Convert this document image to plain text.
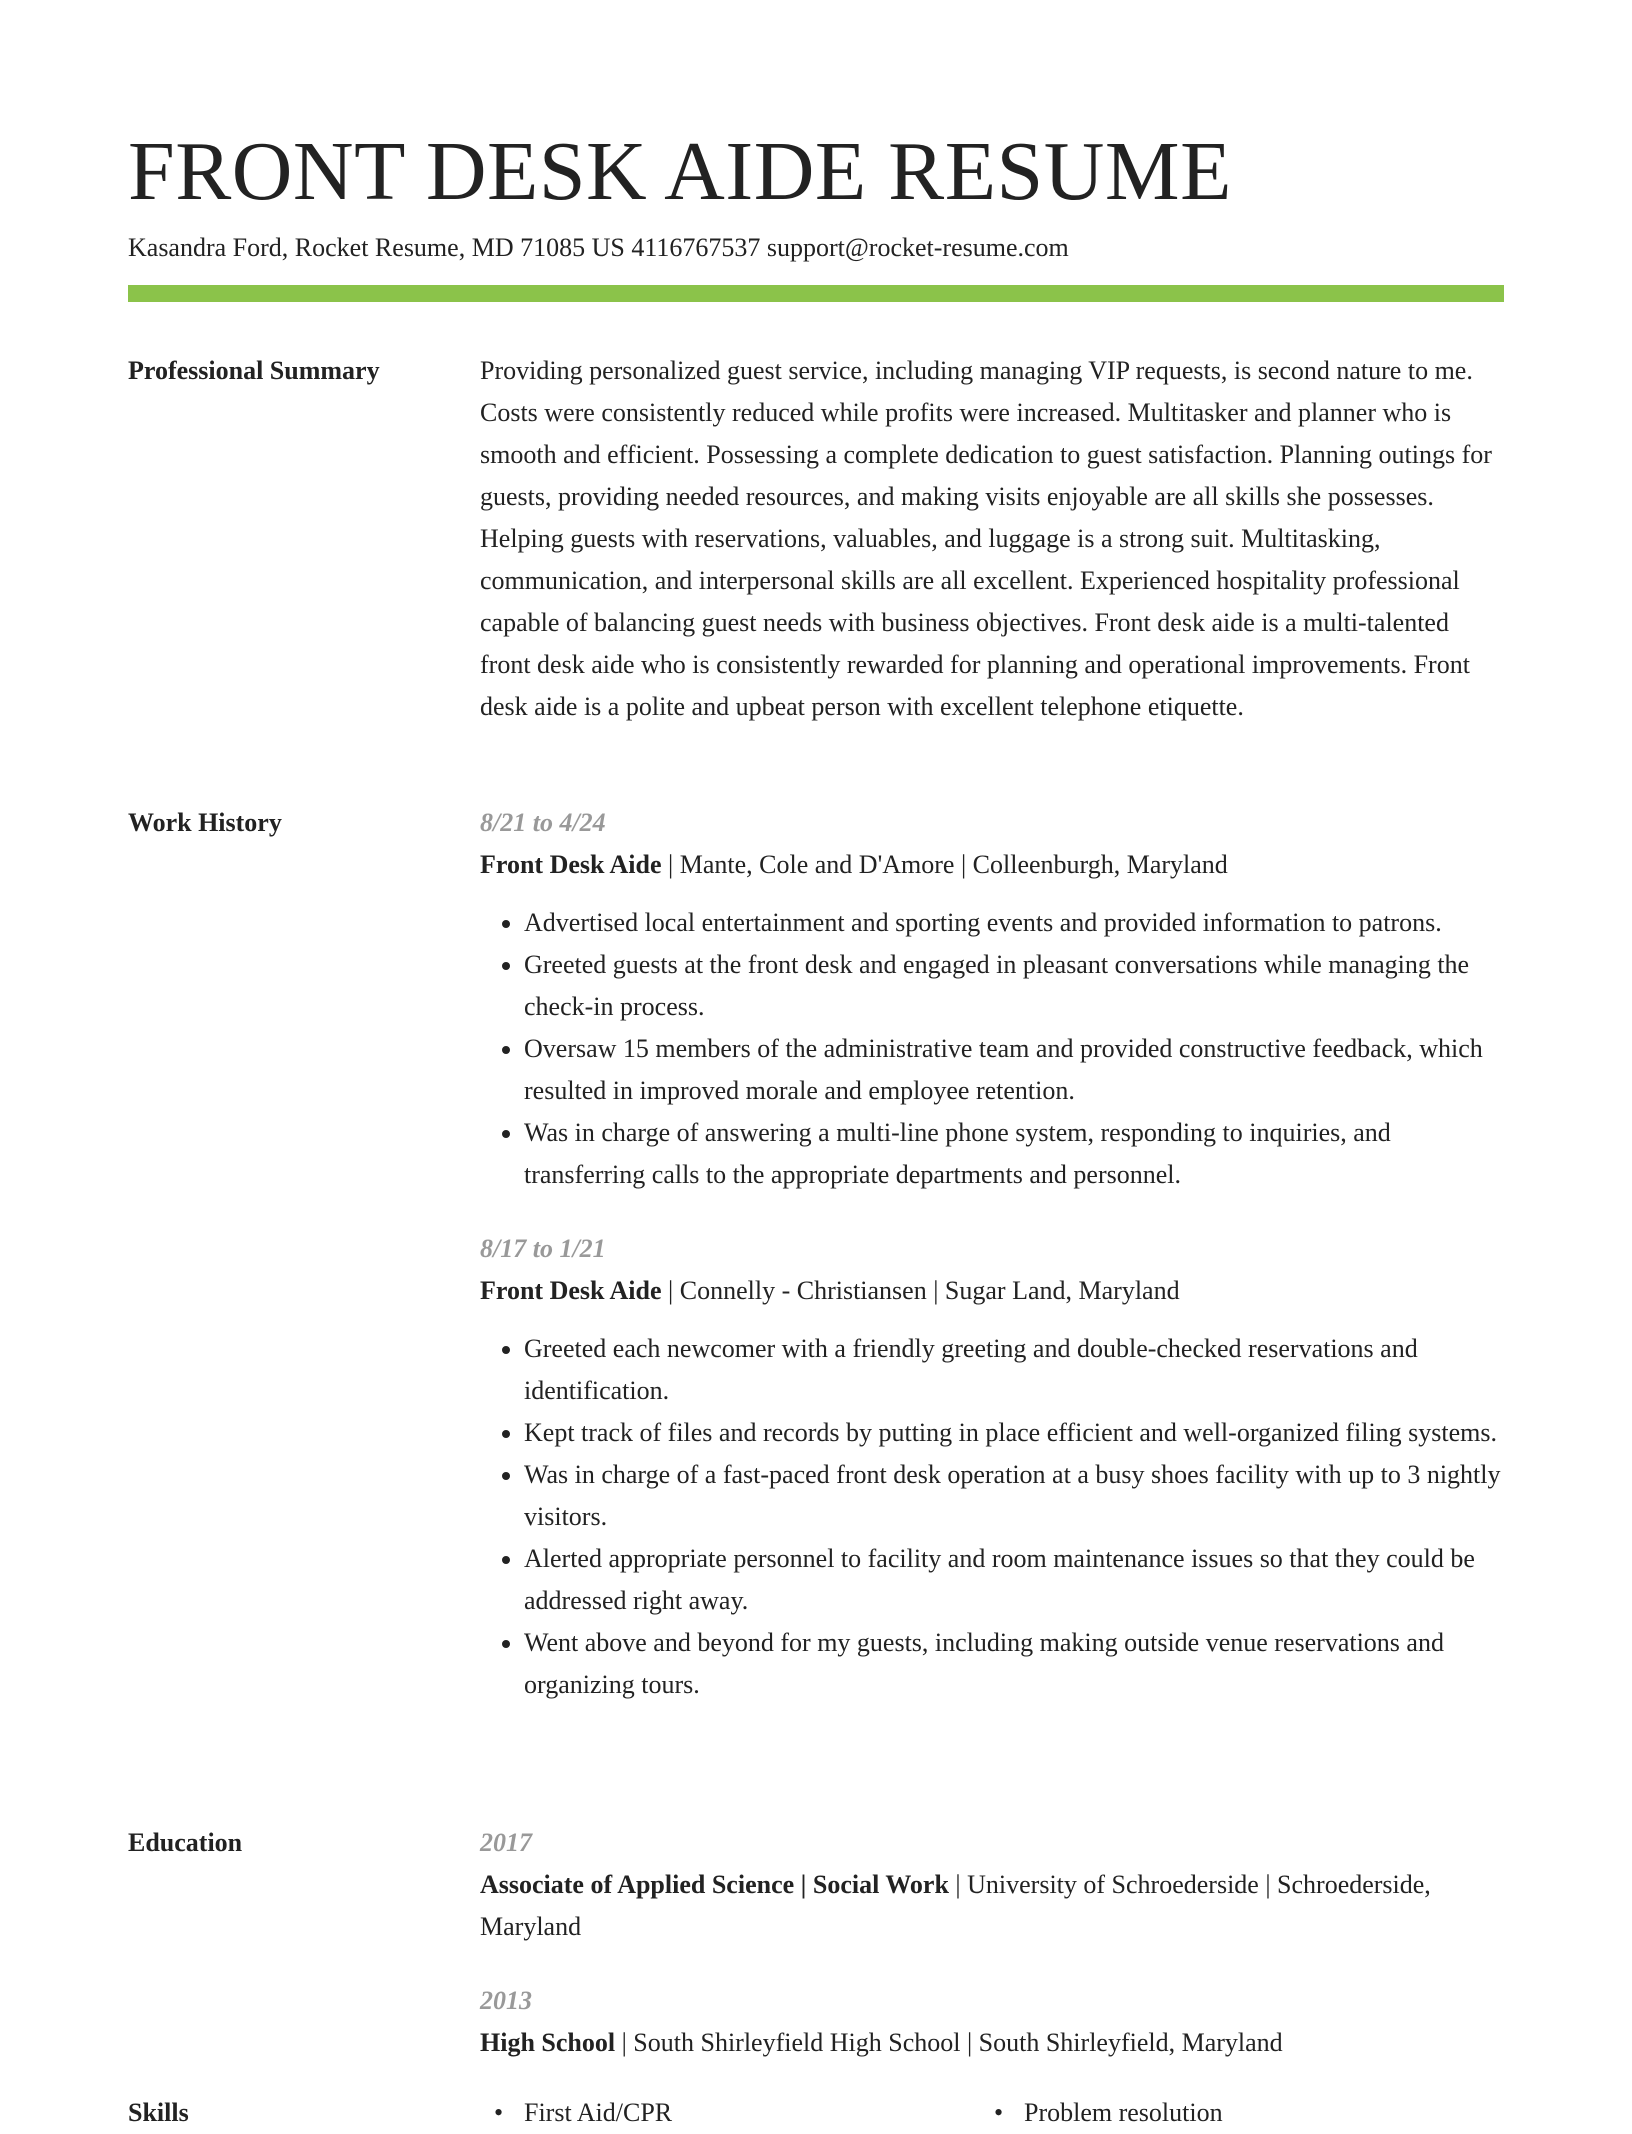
FRONT DESK AIDE RESUME
Kasandra Ford, Rocket Resume, MD 71085 US 4116767537 support@rocket-resume.com
Professional Summary	Providing personalized guest service, including managing VIP requests, is second nature to me. Costs were consistently reduced while profits were increased. Multitasker and planner who is smooth and efficient. Possessing a complete dedication to guest satisfaction. Planning outings for guests, providing needed resources, and making visits enjoyable are all skills she possesses. Helping guests with reservations, valuables, and luggage is a strong suit. Multitasking, communication, and interpersonal skills are all excellent. Experienced hospitality professional capable of balancing guest needs with business objectives. Front desk aide is a multi-talented front desk aide who is consistently rewarded for planning and operational improvements. Front desk aide is a polite and upbeat person with excellent telephone etiquette.

Work History	8/21 to 4/24
Front Desk Aide | Mante, Cole and D'Amore | Colleenburgh, Maryland
• Advertised local entertainment and sporting events and provided information to patrons.
• Greeted guests at the front desk and engaged in pleasant conversations while managing the check-in process.
• Oversaw 15 members of the administrative team and provided constructive feedback, which resulted in improved morale and employee retention.
• Was in charge of answering a multi-line phone system, responding to inquiries, and transferring calls to the appropriate departments and personnel.
8/17 to 1/21
Front Desk Aide | Connelly - Christiansen | Sugar Land, Maryland
• Greeted each newcomer with a friendly greeting and double-checked reservations and identification.
• Kept track of files and records by putting in place efficient and well-organized filing systems.
• Was in charge of a fast-paced front desk operation at a busy shoes facility with up to 3 nightly visitors.
• Alerted appropriate personnel to facility and room maintenance issues so that they could be addressed right away.
• Went above and beyond for my guests, including making outside venue reservations and organizing tours.
Education	2017
Associate of Applied Science | Social Work | University of Schroederside | Schroederside, Maryland
2013
High School | South Shirleyfield High School | South Shirleyfield, Maryland
Skills	• First Aid/CPR	• Problem resolution
